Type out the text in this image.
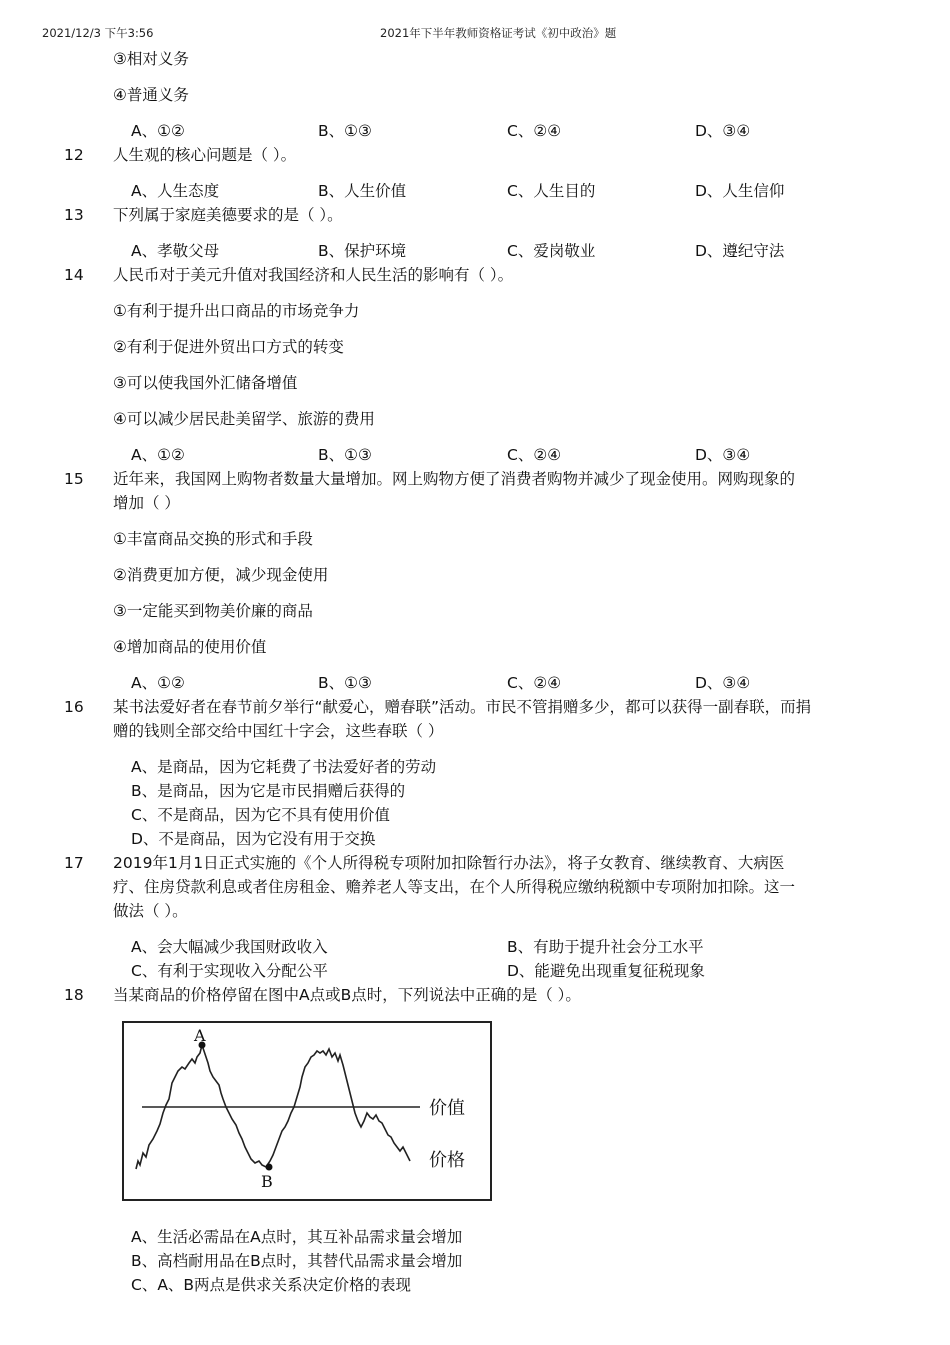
2021/12/3 下午3:56	2021年下半年教师资格证考试《初中政治》题
③相对义务
④普通义务
A、①②	B、①③	C、②④	D、③④
12 人生观的核心问题是（ ）。
A、人生态度	B、人生价值	C、人生目的	D、人生信仰
13 下列属于家庭美德要求的是（ ）。
A、孝敬父母	B、保护环境	C、爱岗敬业	D、遵纪守法
14 人民币对于美元升值对我国经济和人民生活的影响有（ ）。
①有利于提升出口商品的市场竞争力
②有利于促进外贸出口方式的转变
③可以使我国外汇储备增值
④可以减少居民赴美留学、旅游的费用
A、①②	B、①③	C、②④	D、③④
15 近年来，我国网上购物者数量大量增加。网上购物方便了消费者购物并减少了现金使用。网购现象的
增加（ ）
①丰富商品交换的形式和手段
②消费更加方便，减少现金使用
③一定能买到物美价廉的商品
④增加商品的使用价值
A、①②	B、①③	C、②④	D、③④
16 某书法爱好者在春节前夕举行“献爱心，赠春联”活动。市民不管捐赠多少，都可以获得一副春联，而捐
赠的钱则全部交给中国红十字会，这些春联（ ）
A、是商品，因为它耗费了书法爱好者的劳动
B、是商品，因为它是市民捐赠后获得的
C、不是商品，因为它不具有使用价值
D、不是商品，因为它没有用于交换
17 2019年1月1日正式实施的《个人所得税专项附加扣除暂行办法》，将子女教育、继续教育、大病医
疗、住房贷款利息或者住房租金、赡养老人等支出，在个人所得税应缴纳税额中专项附加扣除。这一
做法（ ）。
A、会大幅减少我国财政收入	B、有助于提升社会分工水平
C、有利于实现收入分配公平	D、能避免出现重复征税现象
18 当某商品的价格停留在图中A点或B点时，下列说法中正确的是（ ）。
A
B
价值
价格
A、生活必需品在A点时，其互补品需求量会增加
B、高档耐用品在B点时，其替代品需求量会增加
C、A、B两点是供求关系决定价格的表现
